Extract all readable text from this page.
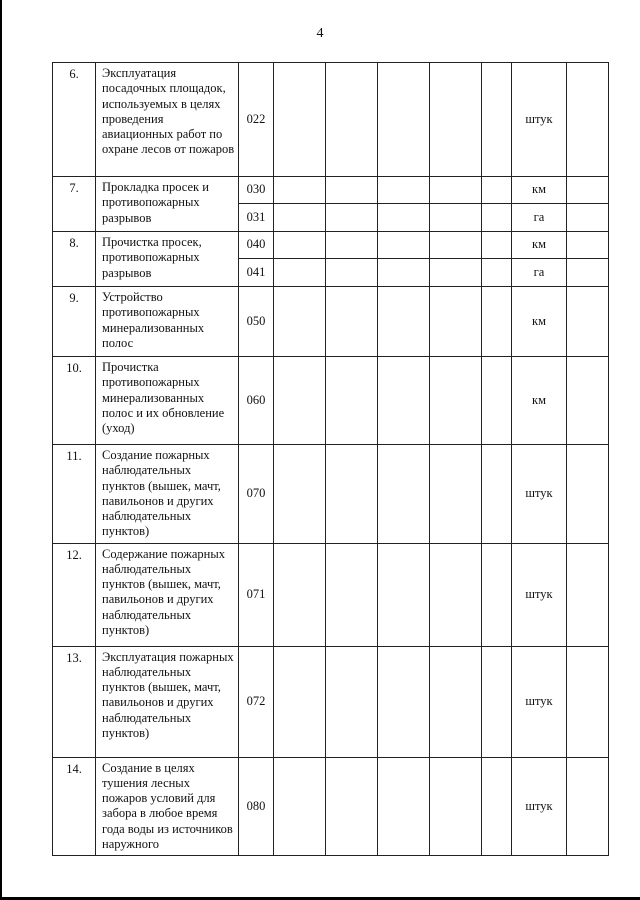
4
6.	Эксплуатация посадочных площадок, используемых в целях проведения авиационных работ по охране лесов от пожаров	022						штук	
7.	Прокладка просек и противопожарных разрывов	030						км	
		031						га	
8.	Прочистка просек, противопожарных разрывов	040						км	
		041						га	
9.	Устройство противопожарных минерализованных полос	050						км	
10.	Прочистка противопожарных минерализованных полос и их обновление (уход)	060						км	
11.	Создание пожарных наблюдательных пунктов (вышек, мачт, павильонов и других наблюдательных пунктов)	070						штук	
12.	Содержание пожарных наблюдательных пунктов (вышек, мачт, павильонов и других наблюдательных пунктов)	071						штук	
13.	Эксплуатация пожарных наблюдательных пунктов (вышек, мачт, павильонов и других наблюдательных пунктов)	072						штук	
14.	Создание в целях тушения лесных пожаров условий для забора в любое время года воды из источников наружного	080						штук	
